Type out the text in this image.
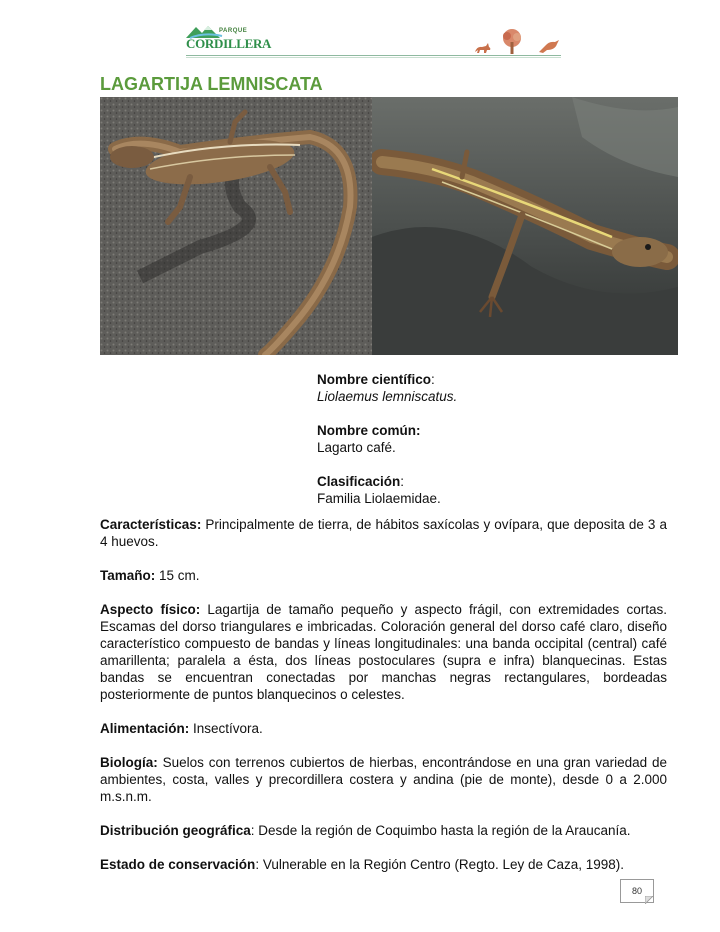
PARQUE
CORDILLERA
LAGARTIJA LEMNISCATA

Nombre científico:
Liolaemus lemniscatus.

Nombre común:
Lagarto café.

Clasificación:
Familia Liolaemidae.

Características: Principalmente de tierra, de hábitos saxícolas y ovípara, que deposita de 3 a 4 huevos.

Tamaño: 15 cm.

Aspecto físico: Lagartija de tamaño pequeño y aspecto frágil, con extremidades cortas. Escamas del dorso triangulares e imbricadas. Coloración general del dorso café claro, diseño característico compuesto de bandas y líneas longitudinales: una banda occipital (central) café amarillenta; paralela a ésta, dos líneas postoculares (supra e infra) blanquecinas. Estas bandas se encuentran conectadas por manchas negras rectangulares, bordeadas posteriormente de puntos blanquecinos o celestes.

Alimentación: Insectívora.

Biología: Suelos con terrenos cubiertos de hierbas, encontrándose en una gran variedad de ambientes, costa, valles y precordillera costera y andina (pie de monte), desde 0 a 2.000 m.s.n.m.

Distribución geográfica: Desde la región de Coquimbo hasta la región de la Araucanía.

Estado de conservación: Vulnerable en la Región Centro (Regto. Ley de Caza, 1998).

80
